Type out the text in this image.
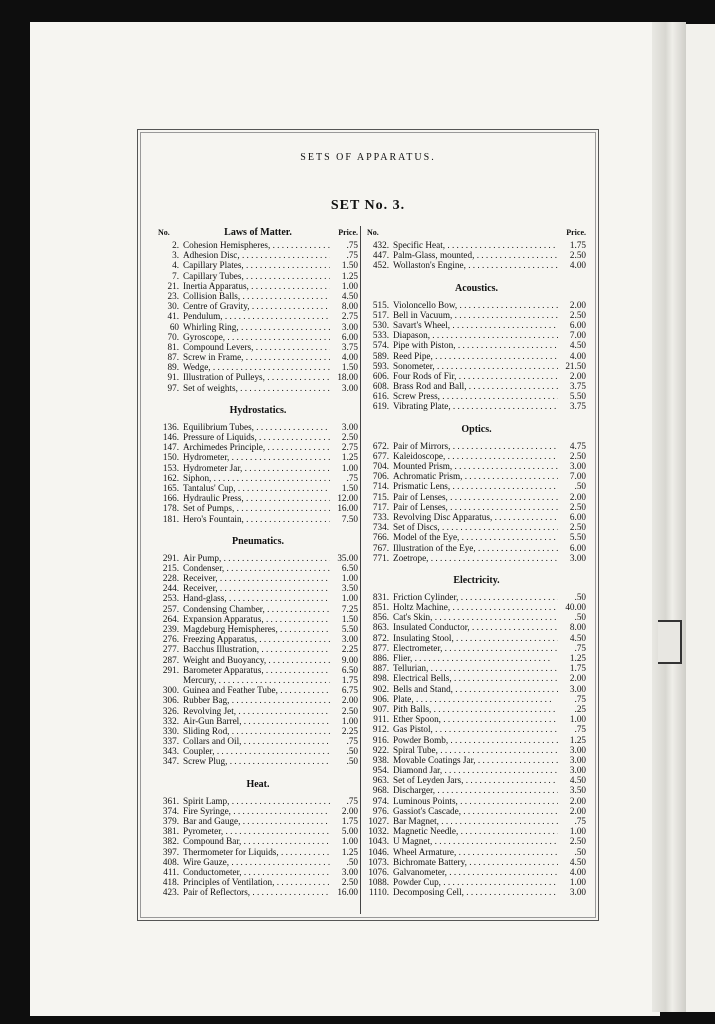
SETS OF APPARATUS.
SET No. 3.
No.	Laws of Matter.	Price.
2. Cohesion Hemispheres, . . .	.75
3. Adhesion Disc, . . .	.75
4. Capillary Plates, . . .	1.50
7. Capillary Tubes, . . .	1.25
21. Inertia Apparatus, . . .	1.00
23. Collision Balls, . . .	4.50
30. Centre of Gravity, . . .	8.00
41. Pendulum, . . .	2.75
60 Whirling Ring, . . .	3.00
70. Gyroscope, . . .	6.00
81. Compound Levers, . . .	3.75
87. Screw in Frame, . . .	4.00
89. Wedge, . . .	1.50
91. Illustration of Pulleys, . . .	18.00
97. Set of weights, . . .	3.00
Hydrostatics.
136. Equilibrium Tubes, . . .	3.00
146. Pressure of Liquids, . . .	2.50
147. Archimedes Principle, . . .	2.75
150. Hydrometer, . . .	1.25
153. Hydrometer Jar, . . .	1.00
162. Siphon, . . .	.75
165. Tantalus' Cup, . . .	1.50
166. Hydraulic Press, . . .	12.00
178. Set of Pumps, . . .	16.00
181. Hero's Fountain, . . .	7.50
Pneumatics.
291. Air Pump, . . .	35.00
215. Condenser, . . .	6.50
228. Receiver, . . .	1.00
244. Receiver, . . .	3.50
253. Hand-glass, . . .	1.00
257. Condensing Chamber, . . .	7.25
264. Expansion Apparatus, . . .	1.50
239. Magdeburg Hemispheres, . . .	5.50
276. Freezing Apparatus, . . .	3.00
277. Bacchus Illustration, . . .	2.25
287. Weight and Buoyancy, . . .	9.00
291. Barometer Apparatus, . . .	6.50
Mercury, . . .	1.75
300. Guinea and Feather Tube, . . .	6.75
306. Rubber Bag, . . .	2.00
326. Revolving Jet, . . .	2.50
332. Air-Gun Barrel, . . .	1.00
330. Sliding Rod, . . .	2.25
337. Collars and Oil, . . .	.75
343. Coupler, . . .	.50
347. Screw Plug, . . .	.50
Heat.
361. Spirit Lamp, . . .	.75
374. Fire Syringe, . . .	2.00
379. Bar and Gauge, . . .	1.75
381. Pyrometer, . . .	5.00
382. Compound Bar, . . .	1.00
397. Thermometer for Liquids, . . .	1.25
408. Wire Gauze, . . .	.50
411. Conductometer, . . .	3.00
418. Principles of Ventilation, . . .	2.50
423. Pair of Reflectors, . . .	16.00
No.	Price.
432. Specific Heat, . . .	1.75
447. Palm-Glass, mounted, . . .	2.50
452. Wollaston's Engine, . . .	4.00
Acoustics.
515. Violoncello Bow, . . .	2.00
517. Bell in Vacuum, . . .	2.50
530. Savart's Wheel, . . .	6.00
533. Diapason, . . .	7.00
574. Pipe with Piston, . . .	4.50
589. Reed Pipe, . . .	4.00
593. Sonometer, . . .	21.50
606. Four Rods of Fir, . . .	2.00
608. Brass Rod and Ball, . . .	3.75
616. Screw Press, . . .	5.50
619. Vibrating Plate, . . .	3.75
Optics.
672. Pair of Mirrors, . . .	4.75
677. Kaleidoscope, . . .	2.50
704. Mounted Prism, . . .	3.00
706. Achromatic Prism, . . .	7.00
714. Prismatic Lens, . . .	.50
715. Pair of Lenses, . . .	2.00
717. Pair of Lenses, . . .	2.50
733. Revolving Disc Apparatus, . . .	6.00
734. Set of Discs, . . .	2.50
766. Model of the Eye, . . .	5.50
767. Illustration of the Eye, . . .	6.00
771. Zoetrope, . . .	3.00
Electricity.
831. Friction Cylinder, . . .	.50
851. Holtz Machine, . . .	40.00
856. Cat's Skin, . . .	.50
863. Insulated Conductor, . . .	8.00
872. Insulating Stool, . . .	4.50
877. Electrometer, . . .	.75
886. Flier, . . .	1.25
887. Tellurian, . . .	1.75
898. Electrical Bells, . . .	2.00
902. Bells and Stand, . . .	3.00
906. Plate, . . .	.75
907. Pith Balls, . . .	.25
911. Ether Spoon, . . .	1.00
912. Gas Pistol, . . .	.75
916. Powder Bomb, . . .	1.25
922. Spiral Tube, . . .	3.00
938. Movable Coatings Jar, . . .	3.00
954. Diamond Jar, . . .	3.00
963. Set of Leyden Jars, . . .	4.50
968. Discharger, . . .	3.50
974. Luminous Points, . . .	2.00
976. Gassiot's Cascade, . . .	2.00
1027. Bar Magnet, . . .	.75
1032. Magnetic Needle, . . .	1.00
1043. U Magnet, . . .	2.50
1046. Wheel Armature, . . .	.50
1073. Bichromate Battery, . . .	4.50
1076. Galvanometer, . . .	4.00
1088. Powder Cup, . . .	1.00
1110. Decomposing Cell, . . .	3.00
